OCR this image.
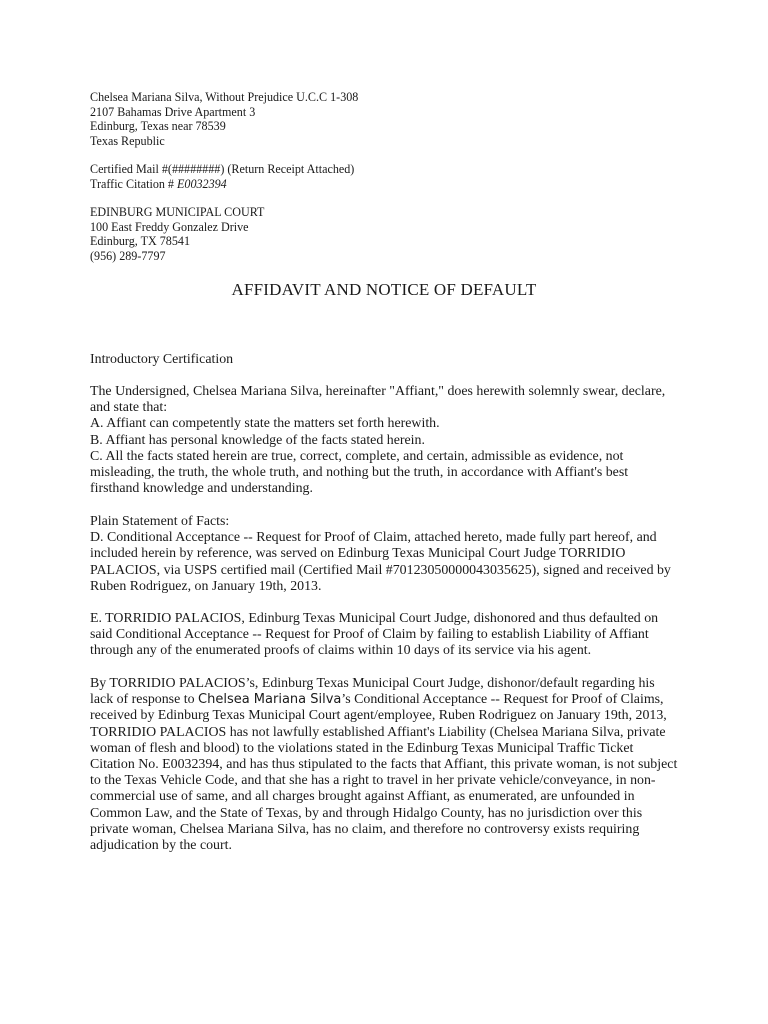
Chelsea Mariana Silva, Without Prejudice U.C.C 1-308
2107 Bahamas Drive Apartment 3
Edinburg, Texas near 78539
Texas Republic
Certified Mail #(########) (Return Receipt Attached)
Traffic Citation # E0032394
EDINBURG MUNICIPAL COURT
100 East Freddy Gonzalez Drive
Edinburg, TX 78541
(956) 289-7797
AFFIDAVIT AND NOTICE OF DEFAULT
Introductory Certification
The Undersigned, Chelsea Mariana Silva, hereinafter "Affiant," does herewith solemnly swear, declare,
and state that:
A. Affiant can competently state the matters set forth herewith.
B. Affiant has personal knowledge of the facts stated herein.
C. All the facts stated herein are true, correct, complete, and certain, admissible as evidence, not
misleading, the truth, the whole truth, and nothing but the truth, in accordance with Affiant's best
firsthand knowledge and understanding.
Plain Statement of Facts:
D. Conditional Acceptance -- Request for Proof of Claim, attached hereto, made fully part hereof, and
included herein by reference, was served on Edinburg Texas Municipal Court Judge TORRIDIO
PALACIOS, via USPS certified mail (Certified Mail #70123050000043035625), signed and received by
Ruben Rodriguez, on January 19th, 2013.
E. TORRIDIO PALACIOS, Edinburg Texas Municipal Court Judge, dishonored and thus defaulted on
said Conditional Acceptance -- Request for Proof of Claim by failing to establish Liability of Affiant
through any of the enumerated proofs of claims within 10 days of its service via his agent.
By TORRIDIO PALACIOS’s, Edinburg Texas Municipal Court Judge, dishonor/default regarding his
lack of response to Chelsea Mariana Silva’s Conditional Acceptance -- Request for Proof of Claims,
received by Edinburg Texas Municipal Court agent/employee, Ruben Rodriguez on January 19th, 2013,
TORRIDIO PALACIOS has not lawfully established Affiant's Liability (Chelsea Mariana Silva, private
woman of flesh and blood) to the violations stated in the Edinburg Texas Municipal Traffic Ticket
Citation No. E0032394, and has thus stipulated to the facts that Affiant, this private woman, is not subject
to the Texas Vehicle Code, and that she has a right to travel in her private vehicle/conveyance, in non-
commercial use of same, and all charges brought against Affiant, as enumerated, are unfounded in
Common Law, and the State of Texas, by and through Hidalgo County, has no jurisdiction over this
private woman, Chelsea Mariana Silva, has no claim, and therefore no controversy exists requiring
adjudication by the court.
